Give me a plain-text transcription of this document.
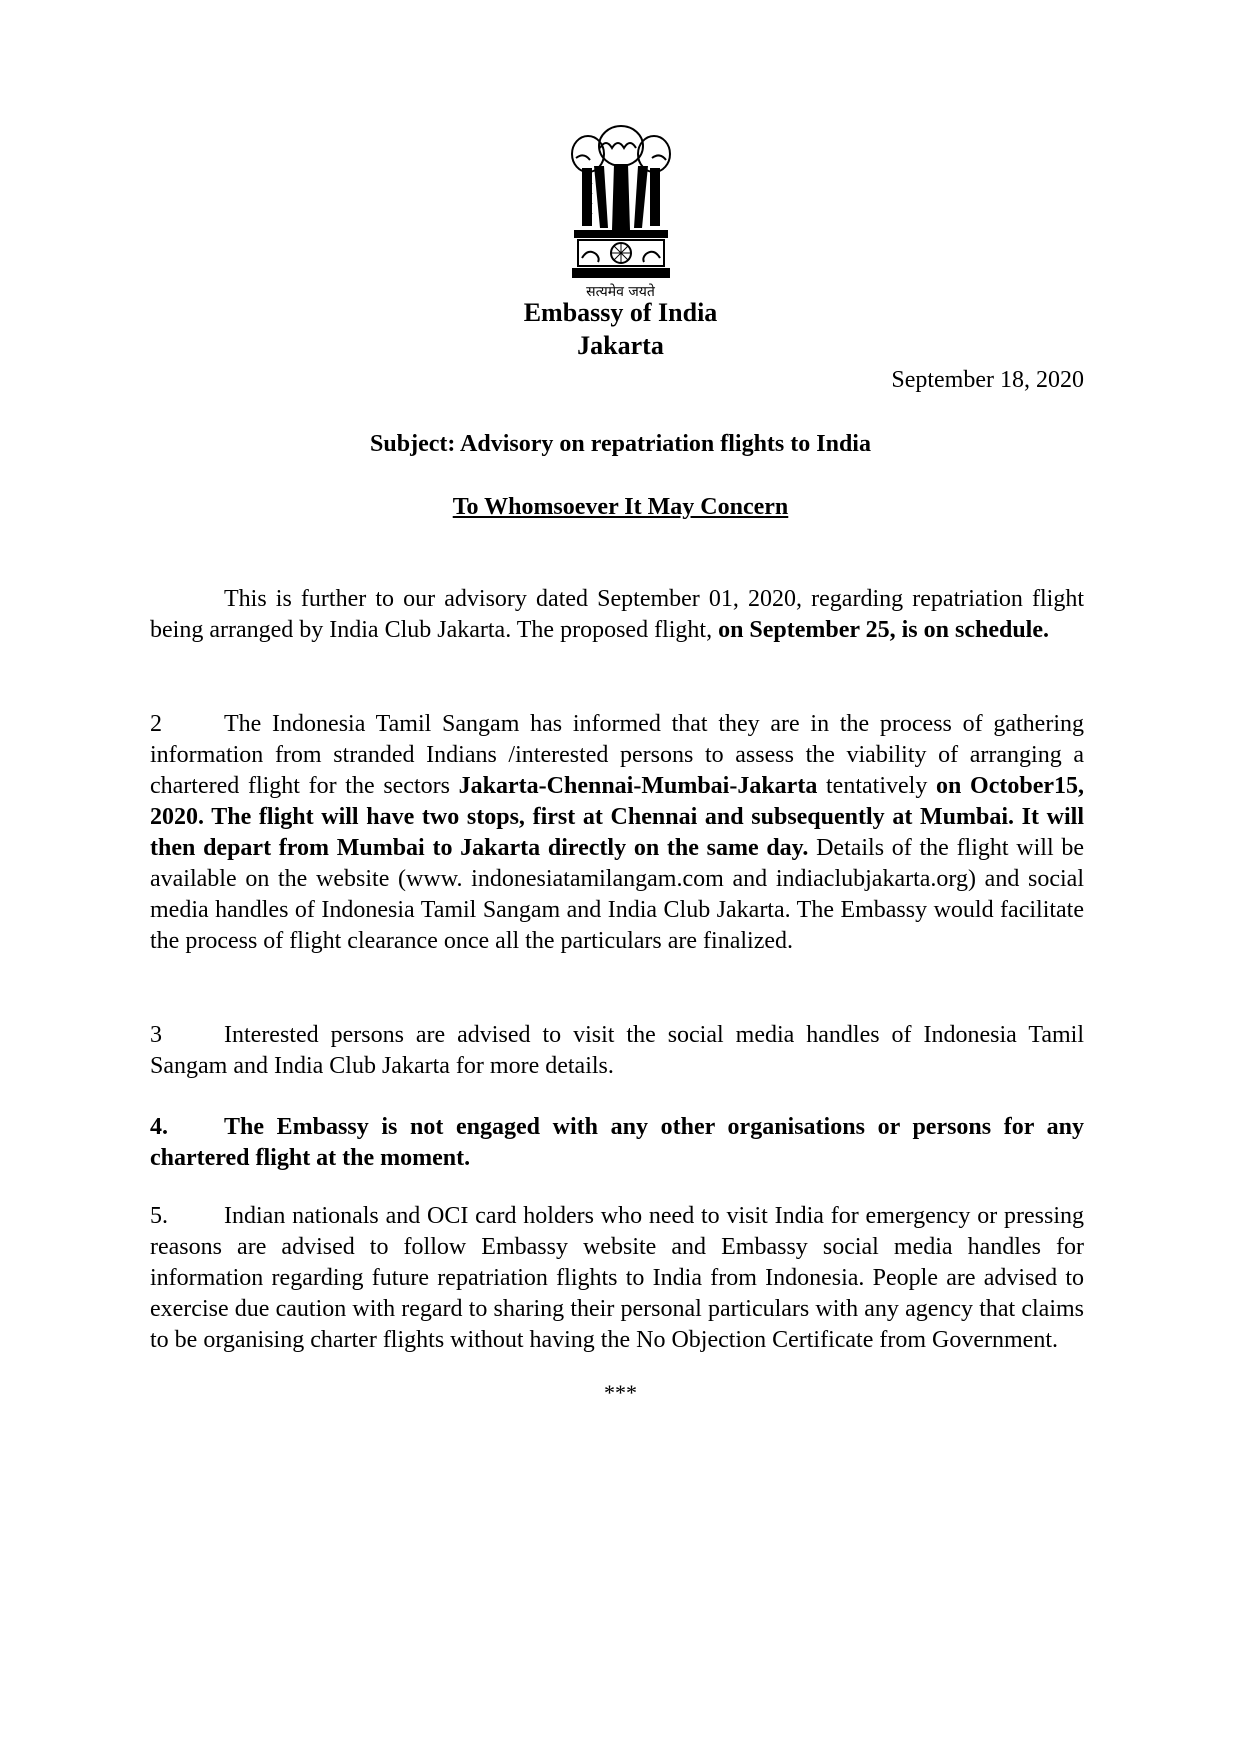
सत्यमेव जयते
Embassy of India
Jakarta
September 18, 2020
Subject: Advisory on repatriation flights to India
To Whomsoever It May Concern
This is further to our advisory dated September 01, 2020, regarding repatriation flight being arranged by India Club Jakarta. The proposed flight, on September 25, is on schedule.
2	The Indonesia Tamil Sangam has informed that they are in the process of gathering information from stranded Indians /interested persons to assess the viability of arranging a chartered flight for the sectors Jakarta-Chennai-Mumbai-Jakarta tentatively on October15, 2020. The flight will have two stops, first at Chennai and subsequently at Mumbai. It will then depart from Mumbai to Jakarta directly on the same day. Details of the flight will be available on the website (www. indonesiatamilangam.com and indiaclubjakarta.org) and social media handles of Indonesia Tamil Sangam and India Club Jakarta. The Embassy would facilitate the process of flight clearance once all the particulars are finalized.
3	Interested persons are advised to visit the social media handles of Indonesia Tamil Sangam and India Club Jakarta for more details.
4. The Embassy is not engaged with any other organisations or persons for any chartered flight at the moment.
5. Indian nationals and OCI card holders who need to visit India for emergency or pressing reasons are advised to follow Embassy website and Embassy social media handles for information regarding future repatriation flights to India from Indonesia. People are advised to exercise due caution with regard to sharing their personal particulars with any agency that claims to be organising charter flights without having the No Objection Certificate from Government.
***
